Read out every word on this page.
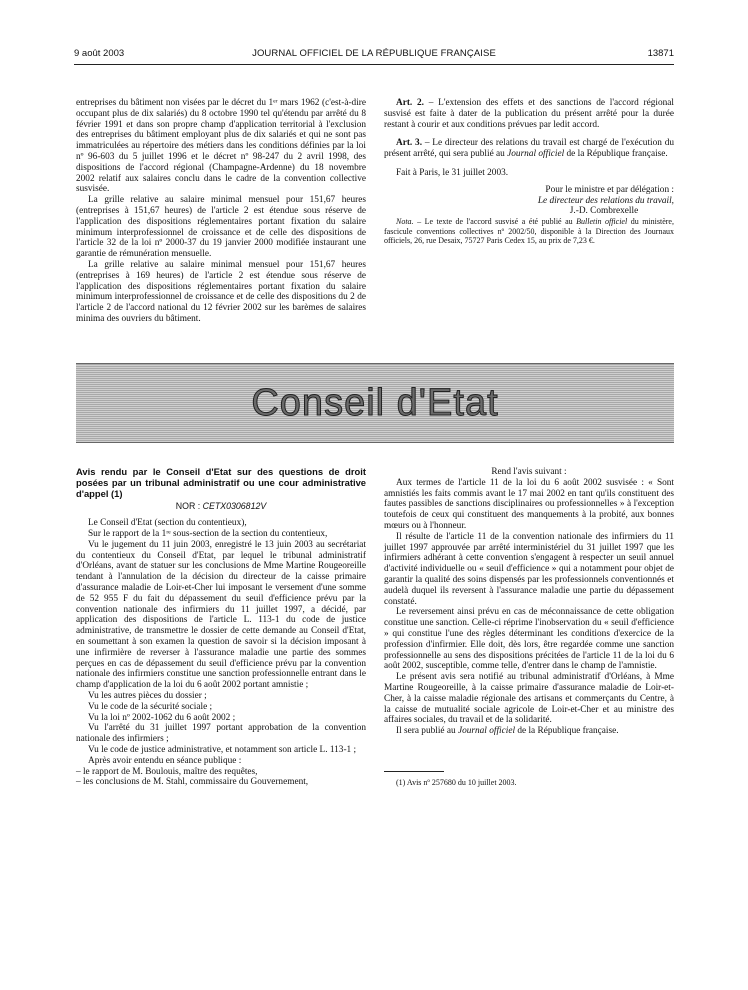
9 août 2003	JOURNAL OFFICIEL DE LA RÉPUBLIQUE FRANÇAISE	13871

entreprises du bâtiment non visées par le décret du 1ᵉʳ mars 1962 (c'est-à-dire occupant plus de dix salariés) du 8 octobre 1990 tel qu'étendu par arrêté du 8 février 1991 et dans son propre champ d'application territorial à l'exclusion des entreprises du bâtiment employant plus de dix salariés et qui ne sont pas immatriculées au répertoire des métiers dans les conditions définies par la loi nº 96-603 du 5 juillet 1996 et le décret nº 98-247 du 2 avril 1998, des dispositions de l'accord régional (Champagne-Ardenne) du 18 novembre 2002 relatif aux salaires conclu dans le cadre de la convention collective susvisée.

La grille relative au salaire minimal mensuel pour 151,67 heures (entreprises à 151,67 heures) de l'article 2 est étendue sous réserve de l'application des dispositions réglementaires portant fixation du salaire minimum interprofessionnel de croissance et de celle des dispositions de l'article 32 de la loi nº 2000-37 du 19 janvier 2000 modifiée instaurant une garantie de rémunération mensuelle.

La grille relative au salaire minimal mensuel pour 151,67 heures (entreprises à 169 heures) de l'article 2 est étendue sous réserve de l'application des dispositions réglementaires portant fixation du salaire minimum interprofessionnel de croissance et de celle des dispositions du 2 de l'article 2 de l'accord national du 12 février 2002 sur les barèmes de salaires minima des ouvriers du bâtiment.

Art. 2. – L'extension des effets et des sanctions de l'accord régional susvisé est faite à dater de la publication du présent arrêté pour la durée restant à courir et aux conditions prévues par ledit accord.

Art. 3. – Le directeur des relations du travail est chargé de l'exécution du présent arrêté, qui sera publié au Journal officiel de la République française.

Fait à Paris, le 31 juillet 2003.

Pour le ministre et par délégation :
Le directeur des relations du travail,
J.-D. Combrexelle

Nota. – Le texte de l'accord susvisé a été publié au Bulletin officiel du ministère, fascicule conventions collectives nº 2002/50, disponible à la Direction des Journaux officiels, 26, rue Desaix, 75727 Paris Cedex 15, au prix de 7,23 €.

Conseil d'Etat
Avis rendu par le Conseil d'Etat sur des questions de droit posées par un tribunal administratif ou une cour administrative d'appel (1)
NOR : CETX0306812V

Le Conseil d'Etat (section du contentieux),

Sur le rapport de la 1ʳᵉ sous-section de la section du contentieux,

Vu le jugement du 11 juin 2003, enregistré le 13 juin 2003 au secrétariat du contentieux du Conseil d'Etat, par lequel le tribunal administratif d'Orléans, avant de statuer sur les conclusions de Mme Martine Rougeoreille tendant à l'annulation de la décision du directeur de la caisse primaire d'assurance maladie de Loir-et-Cher lui imposant le versement d'une somme de 52 955 F du fait du dépassement du seuil d'efficience prévu par la convention nationale des infirmiers du 11 juillet 1997, a décidé, par application des dispositions de l'article L. 113-1 du code de justice administrative, de transmettre le dossier de cette demande au Conseil d'Etat, en soumettant à son examen la question de savoir si la décision imposant à une infirmière de reverser à l'assurance maladie une partie des sommes perçues en cas de dépassement du seuil d'efficience prévu par la convention nationale des infirmiers constitue une sanction professionnelle entrant dans le champ d'application de la loi du 6 août 2002 portant amnistie ;

Vu les autres pièces du dossier ;

Vu le code de la sécurité sociale ;

Vu la loi nº 2002-1062 du 6 août 2002 ;

Vu l'arrêté du 31 juillet 1997 portant approbation de la convention nationale des infirmiers ;

Vu le code de justice administrative, et notamment son article L. 113-1 ;

Après avoir entendu en séance publique :

– le rapport de M. Boulouis, maître des requêtes,

– les conclusions de M. Stahl, commissaire du Gouvernement,

Rend l'avis suivant :

Aux termes de l'article 11 de la loi du 6 août 2002 susvisée : « Sont amnistiés les faits commis avant le 17 mai 2002 en tant qu'ils constituent des fautes passibles de sanctions disciplinaires ou professionnelles » à l'exception toutefois de ceux qui constituent des manquements à la probité, aux bonnes mœurs ou à l'honneur.

Il résulte de l'article 11 de la convention nationale des infirmiers du 11 juillet 1997 approuvée par arrêté interministériel du 31 juillet 1997 que les infirmiers adhérant à cette convention s'engagent à respecter un seuil annuel d'activité individuelle ou « seuil d'efficience » qui a notamment pour objet de garantir la qualité des soins dispensés par les professionnels conventionnés et audelà duquel ils reversent à l'assurance maladie une partie du dépassement constaté.

Le reversement ainsi prévu en cas de méconnaissance de cette obligation constitue une sanction. Celle-ci réprime l'inobservation du « seuil d'efficience » qui constitue l'une des règles déterminant les conditions d'exercice de la profession d'infirmier. Elle doit, dès lors, être regardée comme une sanction professionnelle au sens des dispositions précitées de l'article 11 de la loi du 6 août 2002, susceptible, comme telle, d'entrer dans le champ de l'amnistie.

Le présent avis sera notifié au tribunal administratif d'Orléans, à Mme Martine Rougeoreille, à la caisse primaire d'assurance maladie de Loir-et-Cher, à la caisse maladie régionale des artisans et commerçants du Centre, à la caisse de mutualité sociale agricole de Loir-et-Cher et au ministre des affaires sociales, du travail et de la solidarité.

Il sera publié au Journal officiel de la République française.

(1) Avis nº 257680 du 10 juillet 2003.
